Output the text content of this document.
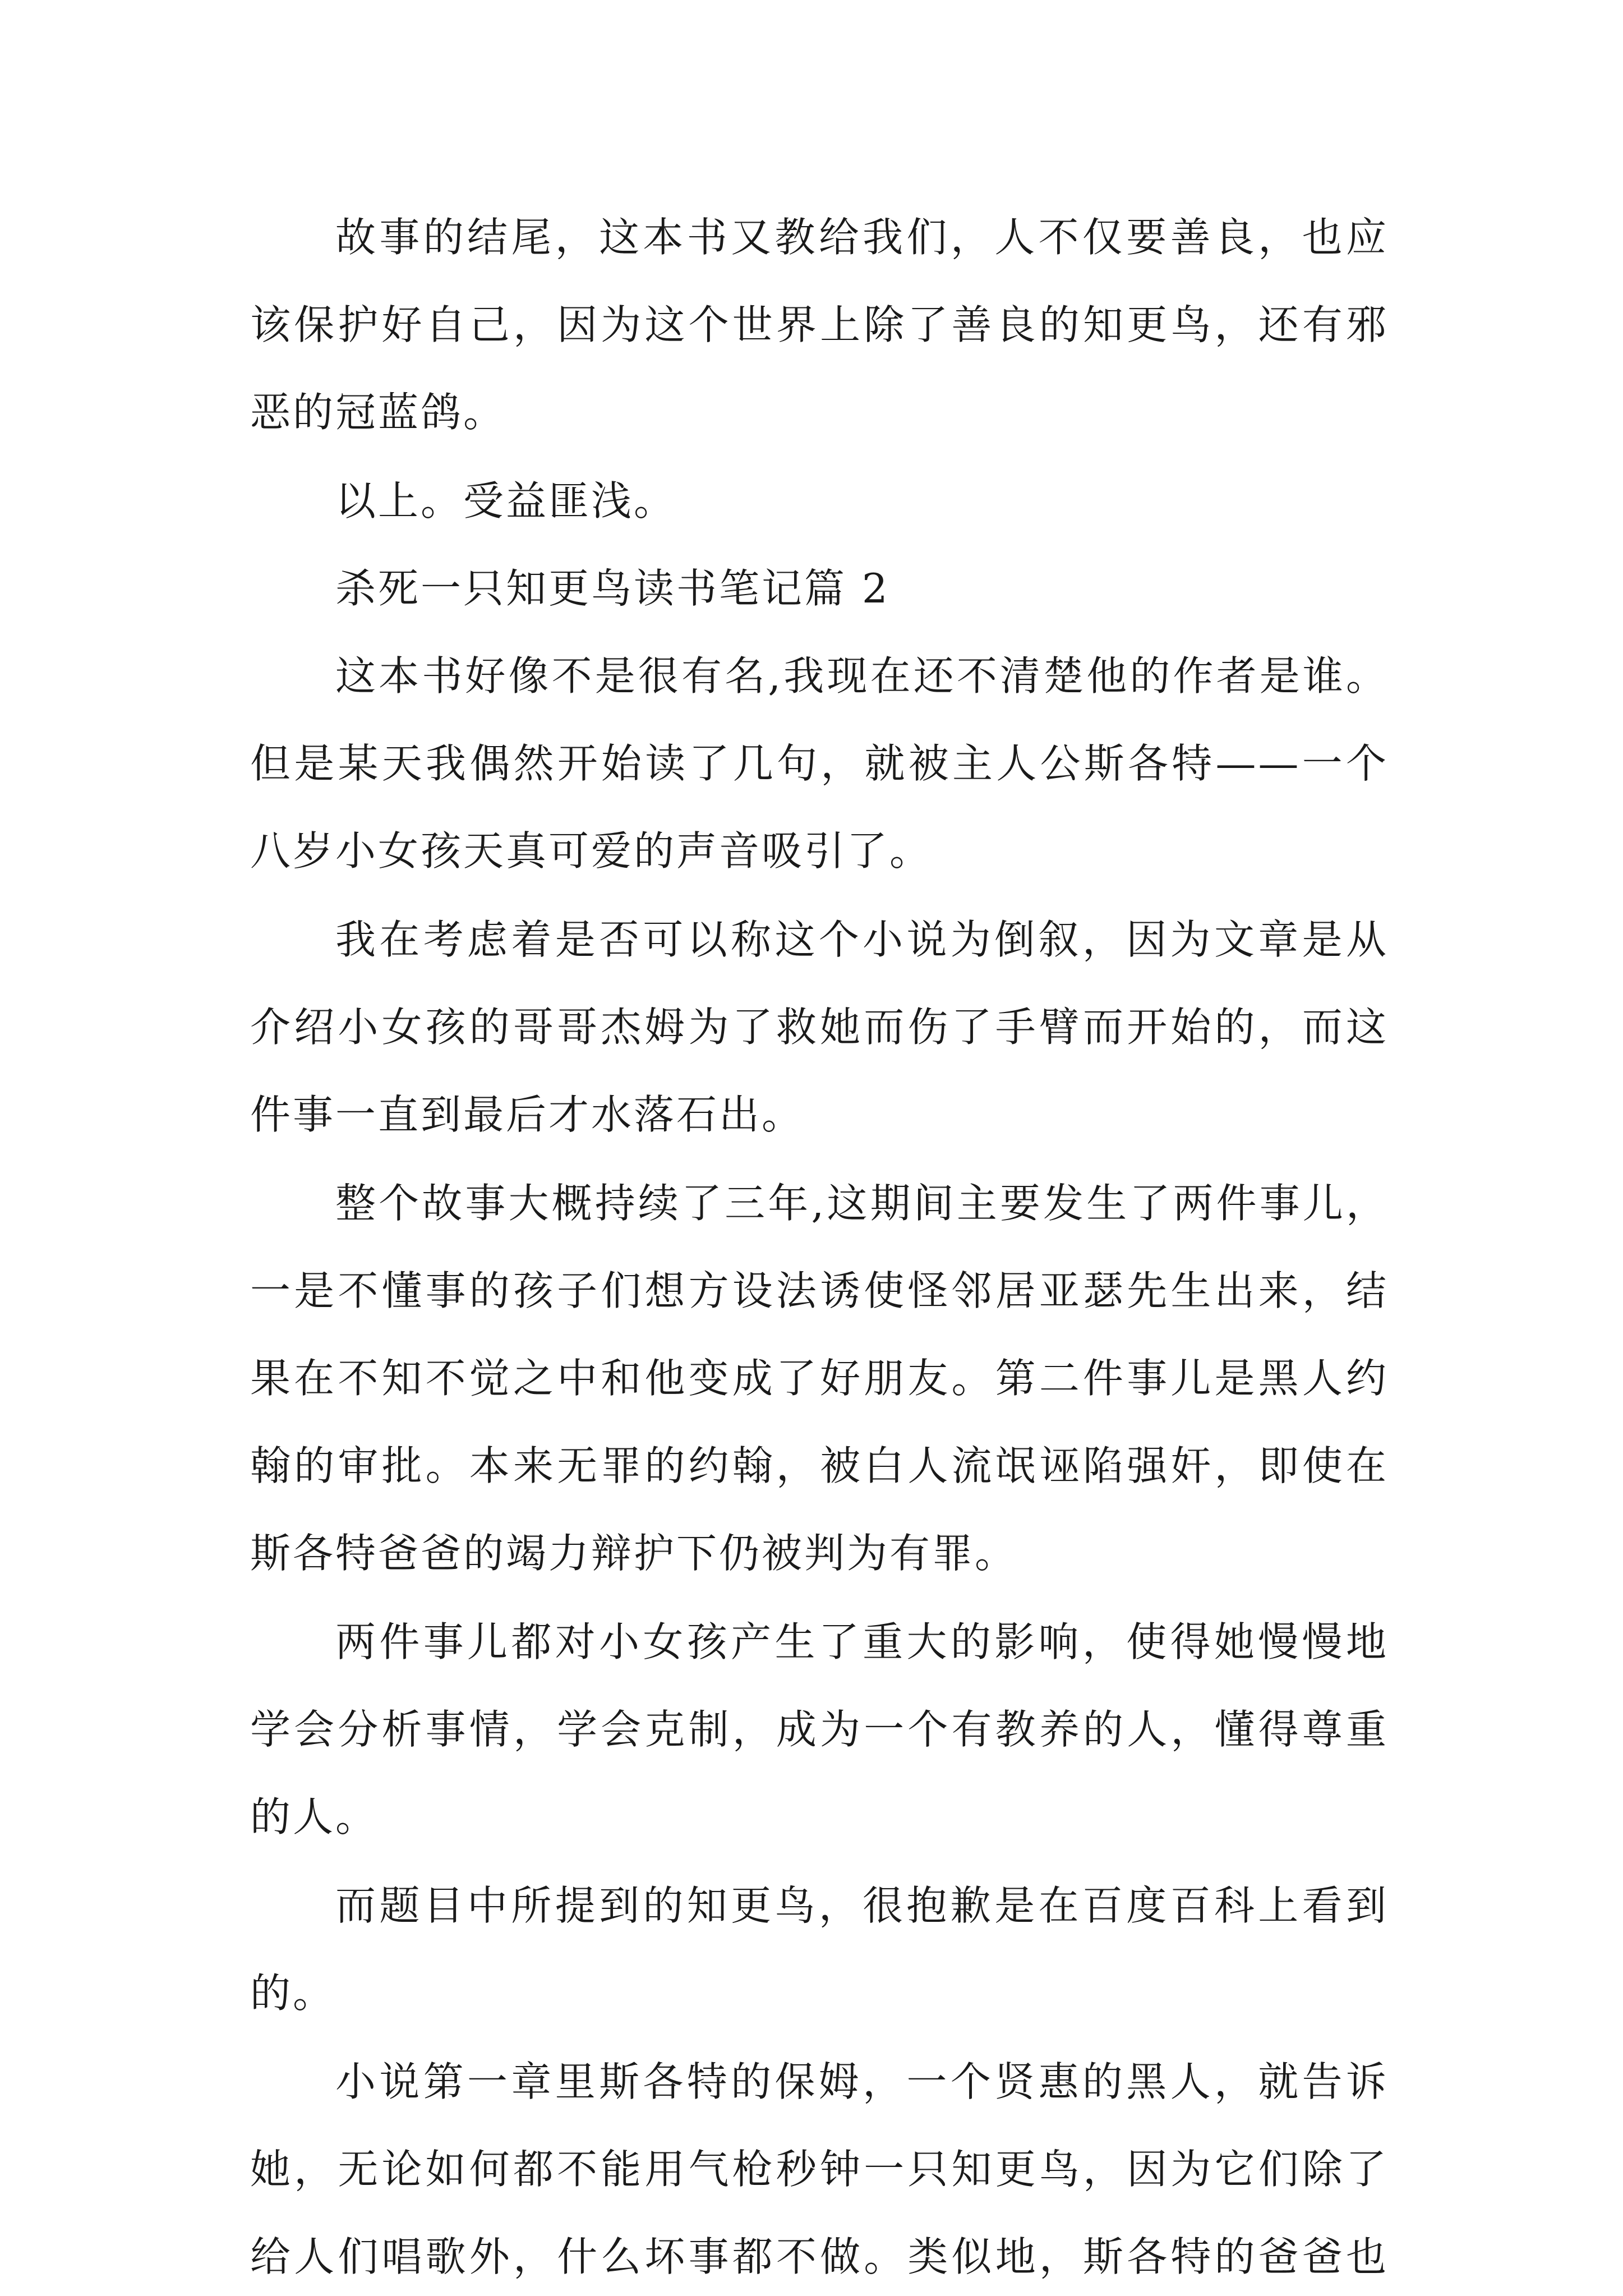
故事的结尾，这本书又教给我们，人不仅要善良，也应
该保护好自己，因为这个世界上除了善良的知更鸟，还有邪
恶的冠蓝鸽。
以上。受益匪浅。
杀死一只知更鸟读书笔记篇 2
这本书好像不是很有名,我现在还不清楚他的作者是谁。
但是某天我偶然开始读了几句，就被主人公斯各特——一个
八岁小女孩天真可爱的声音吸引了。
我在考虑着是否可以称这个小说为倒叙，因为文章是从
介绍小女孩的哥哥杰姆为了救她而伤了手臂而开始的，而这
件事一直到最后才水落石出。
整个故事大概持续了三年,这期间主要发生了两件事儿，
一是不懂事的孩子们想方设法诱使怪邻居亚瑟先生出来，结
果在不知不觉之中和他变成了好朋友。第二件事儿是黑人约
翰的审批。本来无罪的约翰，被白人流氓诬陷强奸，即使在
斯各特爸爸的竭力辩护下仍被判为有罪。
两件事儿都对小女孩产生了重大的影响，使得她慢慢地
学会分析事情，学会克制，成为一个有教养的人，懂得尊重
的人。
而题目中所提到的知更鸟，很抱歉是在百度百科上看到
的。
小说第一章里斯各特的保姆，一个贤惠的黑人，就告诉
她，无论如何都不能用气枪秒钟一只知更鸟，因为它们除了
给人们唱歌外，什么坏事都不做。类似地，斯各特的爸爸也
